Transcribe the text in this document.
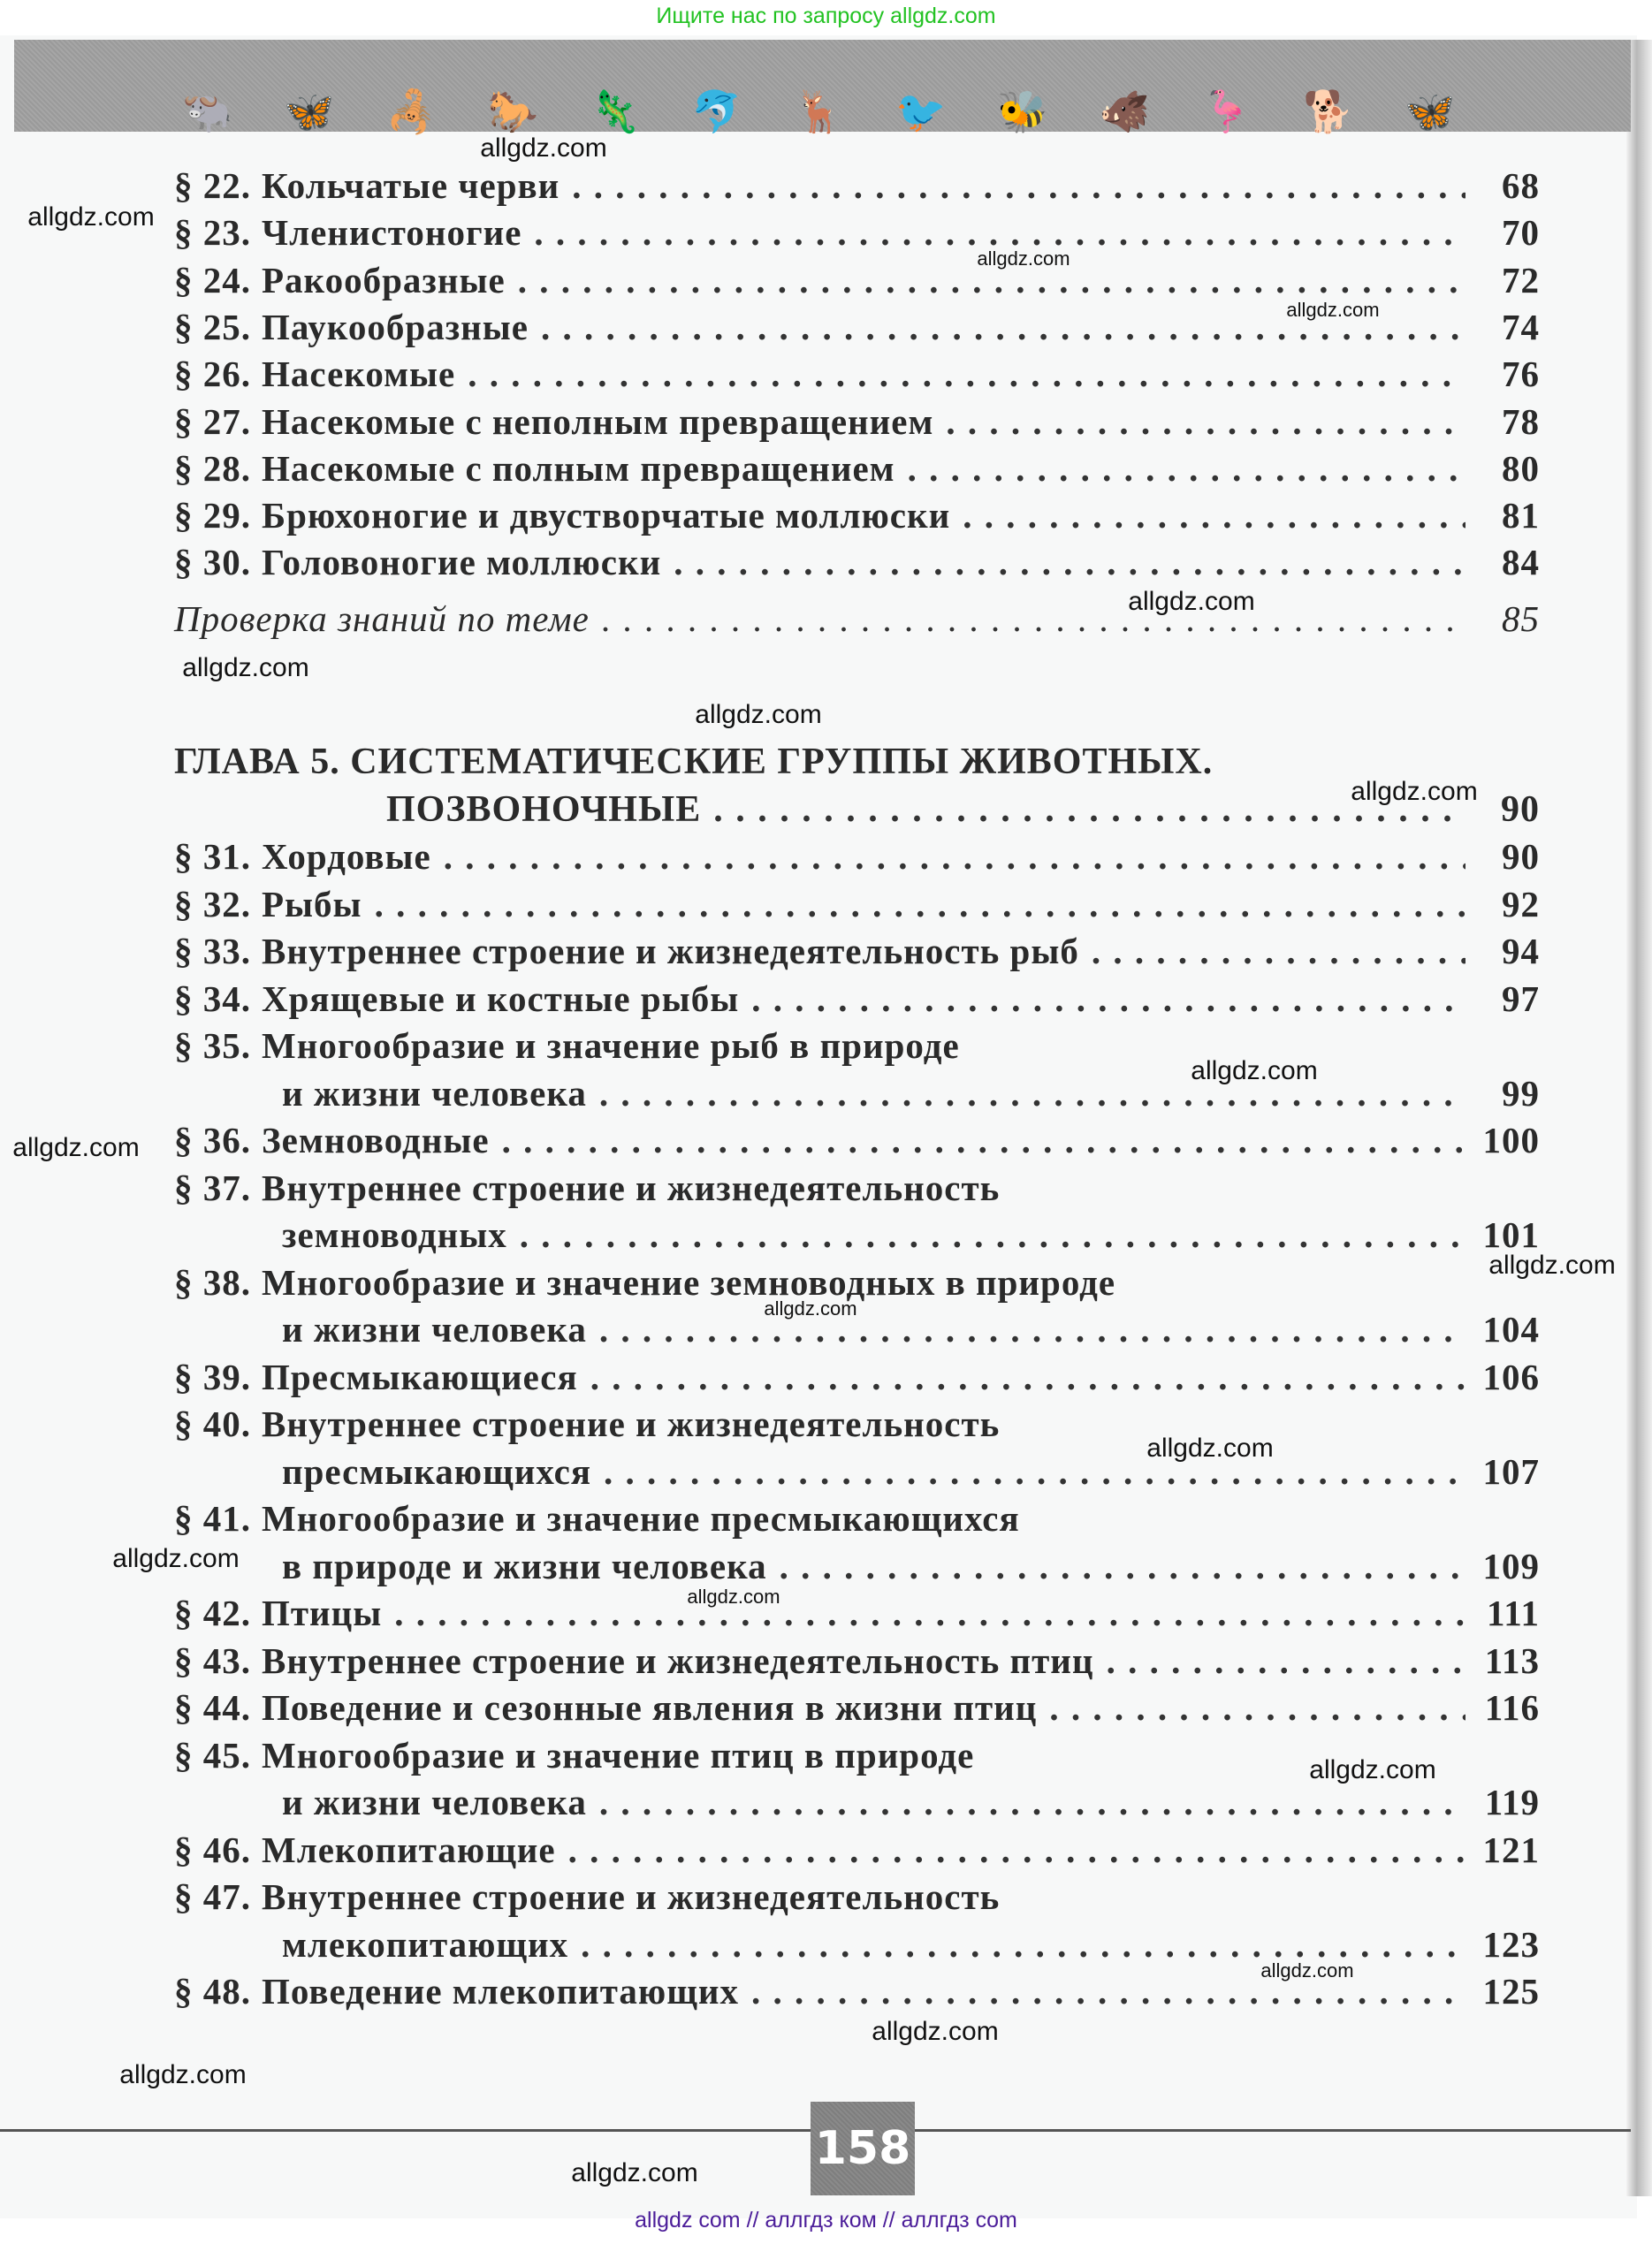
Ищите нас по запросу allgdz.com
🐃 🦋 🦂 🐎 🦎 🐬 🦌 🐦 🐝 🐗 🦩 🐕 🦋
§ 22. Кольчатые черви . . .	68
§ 23. Членистоногие . . .	70
§ 24. Ракообразные . . .	72
§ 25. Паукообразные . . .	74
§ 26. Насекомые . . .	76
§ 27. Насекомые с неполным превращением . . .	78
§ 28. Насекомые с полным превращением . . .	80
§ 29. Брюхоногие и двустворчатые моллюски . . .	81
§ 30. Головоногие моллюски . . .	84
Проверка знаний по теме . . .	85
ГЛАВА 5. СИСТЕМАТИЧЕСКИЕ ГРУППЫ ЖИВОТНЫХ.
ПОЗВОНОЧНЫЕ . . .	90
§ 31. Хордовые . . .	90
§ 32. Рыбы . . .	92
§ 33. Внутреннее строение и жизнедеятельность рыб . . .	94
§ 34. Хрящевые и костные рыбы . . .	97
§ 35. Многообразие и значение рыб в природе
и жизни человека . . .	99
§ 36. Земноводные . . .	100
§ 37. Внутреннее строение и жизнедеятельность
земноводных . . .	101
§ 38. Многообразие и значение земноводных в природе
и жизни человека . . .	104
§ 39. Пресмыкающиеся . . .	106
§ 40. Внутреннее строение и жизнедеятельность
пресмыкающихся . . .	107
§ 41. Многообразие и значение пресмыкающихся
в природе и жизни человека . . .	109
§ 42. Птицы . . .	111
§ 43. Внутреннее строение и жизнедеятельность птиц . . .	113
§ 44. Поведение и сезонные явления в жизни птиц . . .	116
§ 45. Многообразие и значение птиц в природе
и жизни человека . . .	119
§ 46. Млекопитающие . . .	121
§ 47. Внутреннее строение и жизнедеятельность
млекопитающих . . .	123
§ 48. Поведение млекопитающих . . .	125
allgdz.com
allgdz.com
allgdz.com
allgdz.com
allgdz.com
allgdz.com
allgdz.com
allgdz.com
allgdz.com
allgdz.com
allgdz.com
allgdz.com
allgdz.com
allgdz.com
allgdz.com
allgdz.com
allgdz.com
allgdz.com
allgdz.com
allgdz.com	158
allgdz com // аллгдз ком // аллгдз com
